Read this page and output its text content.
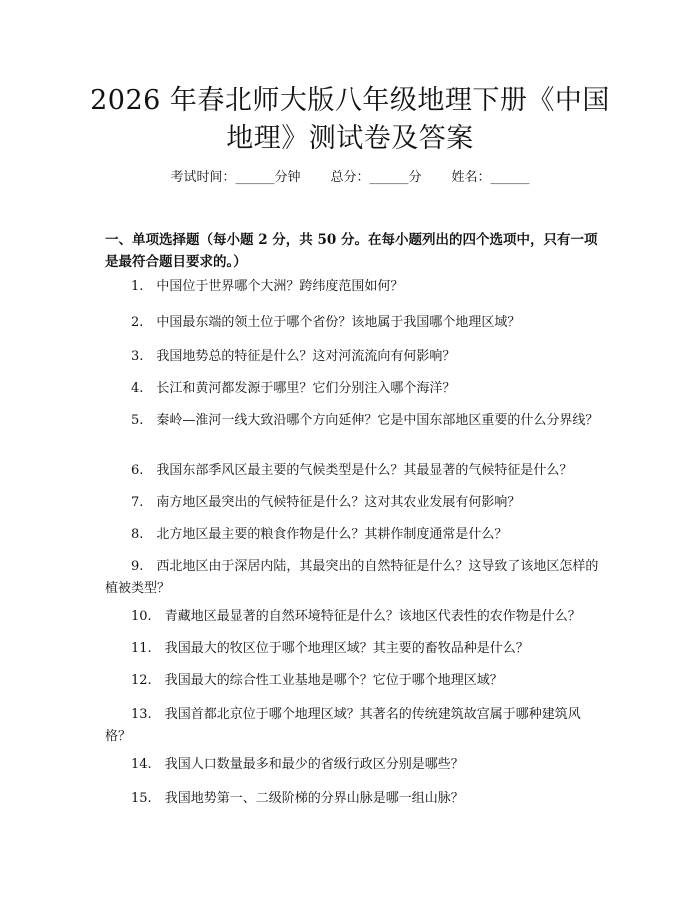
2026 年春北师大版八年级地理下册《中国地理》测试卷及答案
考试时间：______分钟 总分：______分 姓名：______

一、单项选择题（每小题 2 分，共 50 分。在每小题列出的四个选项中，只有一项是最符合题目要求的。）

1.  中国位于世界哪个大洲？跨纬度范围如何？

2.  中国最东端的领土位于哪个省份？该地属于我国哪个地理区域？

3.  我国地势总的特征是什么？这对河流流向有何影响？

4.  长江和黄河都发源于哪里？它们分别注入哪个海洋？

5.  秦岭—淮河一线大致沿哪个方向延伸？它是中国东部地区重要的什么分界线？

6.  我国东部季风区最主要的气候类型是什么？其最显著的气候特征是什么？

7.  南方地区最突出的气候特征是什么？这对其农业发展有何影响？

8.  北方地区最主要的粮食作物是什么？其耕作制度通常是什么？

9.  西北地区由于深居内陆，其最突出的自然特征是什么？这导致了该地区怎样的植被类型？

10.  青藏地区最显著的自然环境特征是什么？该地区代表性的农作物是什么？

11.  我国最大的牧区位于哪个地理区域？其主要的畜牧品种是什么？

12.  我国最大的综合性工业基地是哪个？它位于哪个地理区域？

13.  我国首都北京位于哪个地理区域？其著名的传统建筑故宫属于哪种建筑风格？

14.  我国人口数量最多和最少的省级行政区分别是哪些？

15.  我国地势第一、二级阶梯的分界山脉是哪一组山脉？
